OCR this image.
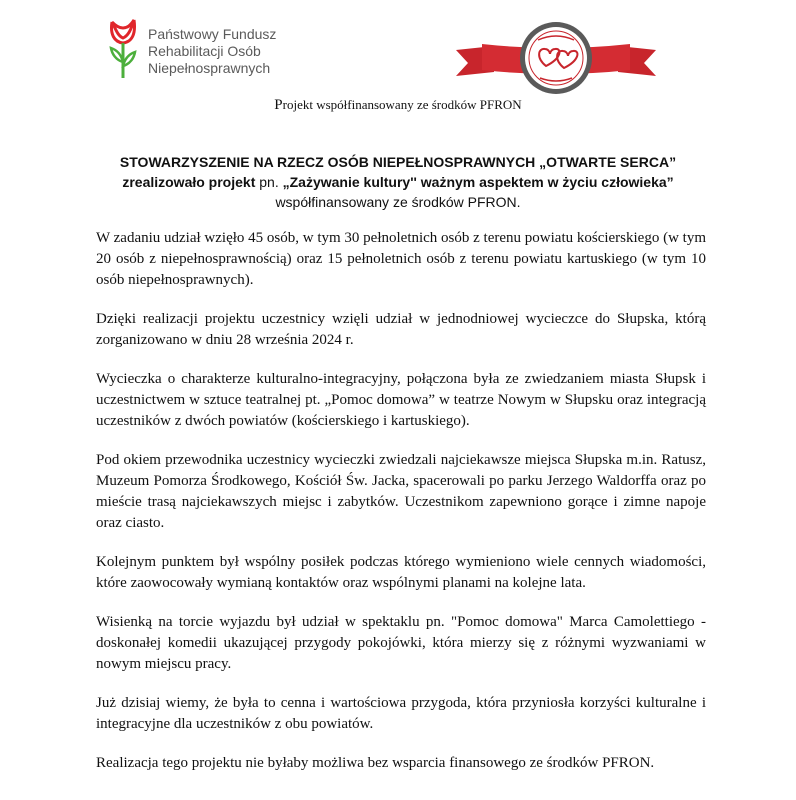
Państwowy Fundusz
Rehabilitacji Osób
Niepełnosprawnych
Projekt współfinansowany ze środków PFRON
STOWARZYSZENIE NA RZECZ OSÓB NIEPEŁNOSPRAWNYCH „OTWARTE SERCA”
zrealizowało projekt pn. „Zażywanie kultury'' ważnym aspektem w życiu człowieka”
współfinansowany ze środków PFRON.

W zadaniu udział wzięło 45 osób, w tym 30 pełnoletnich osób z terenu powiatu kościerskiego (w tym 20 osób z niepełnosprawnością) oraz 15 pełnoletnich osób z terenu powiatu kartuskiego (w tym 10 osób niepełnosprawnych).

Dzięki realizacji projektu uczestnicy wzięli udział w jednodniowej wycieczce do Słupska, którą zorganizowano w dniu 28 września 2024 r.

Wycieczka o charakterze kulturalno-integracyjny, połączona była ze zwiedzaniem miasta Słupsk i uczestnictwem w sztuce teatralnej pt. „Pomoc domowa” w teatrze Nowym w Słupsku oraz integracją uczestników z dwóch powiatów (kościerskiego i kartuskiego).

Pod okiem przewodnika uczestnicy wycieczki zwiedzali najciekawsze miejsca Słupska m.in. Ratusz, Muzeum Pomorza Środkowego, Kościół Św. Jacka, spacerowali po parku Jerzego Waldorffa oraz po mieście trasą najciekawszych miejsc i zabytków. Uczestnikom zapewniono gorące i zimne napoje oraz ciasto.

Kolejnym punktem był wspólny posiłek podczas którego wymieniono wiele cennych wiadomości, które zaowocowały wymianą kontaktów oraz wspólnymi planami na kolejne lata.

Wisienką na torcie wyjazdu był udział w spektaklu pn. "Pomoc domowa" Marca Camolettiego - doskonałej komedii ukazującej przygody pokojówki, która mierzy się z różnymi wyzwaniami w nowym miejscu pracy.

Już dzisiaj wiemy, że była to cenna i wartościowa przygoda, która przyniosła korzyści kulturalne i integracyjne dla uczestników z obu powiatów.

Realizacja tego projektu nie byłaby możliwa bez wsparcia finansowego ze środków PFRON.
